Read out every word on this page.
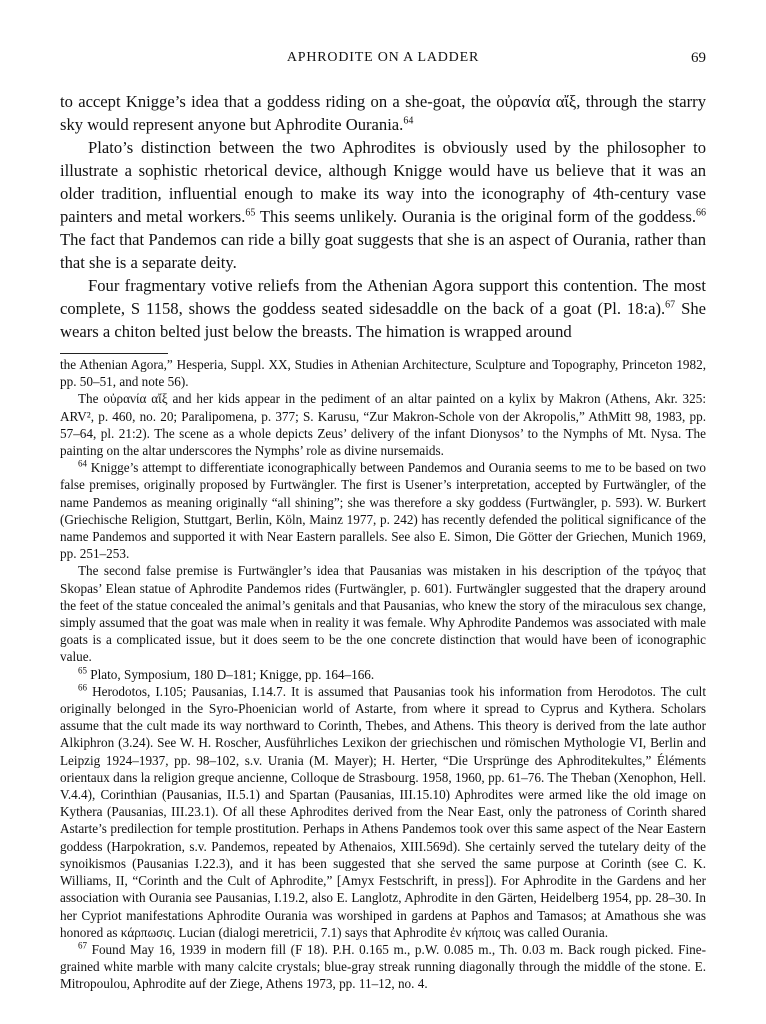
APHRODITE ON A LADDER	69

to accept Knigge’s idea that a goddess riding on a she-goat, the οὐρανία αἴξ, through the starry sky would represent anyone but Aphrodite Ourania.$^{64}$

Plato’s distinction between the two Aphrodites is obviously used by the philosopher to illustrate a sophistic rhetorical device, although Knigge would have us believe that it was an older tradition, influential enough to make its way into the iconography of 4th-century vase painters and metal workers.$^{65}$ This seems unlikely. Ourania is the original form of the goddess.$^{66}$ The fact that Pandemos can ride a billy goat suggests that she is an aspect of Ourania, rather than that she is a separate deity.

Four fragmentary votive reliefs from the Athenian Agora support this contention. The most complete, S 1158, shows the goddess seated sidesaddle on the back of a goat (Pl. 18:a).$^{67}$ She wears a chiton belted just below the breasts. The himation is wrapped around

the Athenian Agora,” Hesperia, Suppl. XX, Studies in Athenian Architecture, Sculpture and Topography, Princeton 1982, pp. 50–51, and note 56).

The οὐρανία αἴξ and her kids appear in the pediment of an altar painted on a kylix by Makron (Athens, Akr. 325: ARV², p. 460, no. 20; Paralipomena, p. 377; S. Karusu, “Zur Makron-Schole von der Akropolis,” AthMitt 98, 1983, pp. 57–64, pl. 21:2). The scene as a whole depicts Zeus’ delivery of the infant Dionysos’ to the Nymphs of Mt. Nysa. The painting on the altar underscores the Nymphs’ role as divine nursemaids.

$^{64}$ Knigge’s attempt to differentiate iconographically between Pandemos and Ourania seems to me to be based on two false premises, originally proposed by Furtwängler. The first is Usener’s interpretation, accepted by Furtwängler, of the name Pandemos as meaning originally “all shining”; she was therefore a sky goddess (Furtwängler, p. 593). W. Burkert (Griechische Religion, Stuttgart, Berlin, Köln, Mainz 1977, p. 242) has recently defended the political significance of the name Pandemos and supported it with Near Eastern parallels. See also E. Simon, Die Götter der Griechen, Munich 1969, pp. 251–253.

The second false premise is Furtwängler’s idea that Pausanias was mistaken in his description of the τράγος that Skopas’ Elean statue of Aphrodite Pandemos rides (Furtwängler, p. 601). Furtwängler suggested that the drapery around the feet of the statue concealed the animal’s genitals and that Pausanias, who knew the story of the miraculous sex change, simply assumed that the goat was male when in reality it was female. Why Aphrodite Pandemos was associated with male goats is a complicated issue, but it does seem to be the one concrete distinction that would have been of iconographic value.

$^{65}$ Plato, Symposium, 180 D–181; Knigge, pp. 164–166.

$^{66}$ Herodotos, I.105; Pausanias, I.14.7. It is assumed that Pausanias took his information from Herodotos. The cult originally belonged in the Syro-Phoenician world of Astarte, from where it spread to Cyprus and Kythera. Scholars assume that the cult made its way northward to Corinth, Thebes, and Athens. This theory is derived from the late author Alkiphron (3.24). See W. H. Roscher, Ausführliches Lexikon der griechischen und römischen Mythologie VI, Berlin and Leipzig 1924–1937, pp. 98–102, s.v. Urania (M. Mayer); H. Herter, “Die Ursprünge des Aphroditekultes,” Éléments orientaux dans la religion greque ancienne, Colloque de Strasbourg. 1958, 1960, pp. 61–76. The Theban (Xenophon, Hell. V.4.4), Corinthian (Pausanias, II.5.1) and Spartan (Pausanias, III.15.10) Aphrodites were armed like the old image on Kythera (Pausanias, III.23.1). Of all these Aphrodites derived from the Near East, only the patroness of Corinth shared Astarte’s predilection for temple prostitution. Perhaps in Athens Pandemos took over this same aspect of the Near Eastern goddess (Harpokration, s.v. Pandemos, repeated by Athenaios, XIII.569d). She certainly served the tutelary deity of the synoikismos (Pausanias I.22.3), and it has been suggested that she served the same purpose at Corinth (see C. K. Williams, II, “Corinth and the Cult of Aphrodite,” [Amyx Festschrift, in press]). For Aphrodite in the Gardens and her association with Ourania see Pausanias, I.19.2, also E. Langlotz, Aphrodite in den Gärten, Heidelberg 1954, pp. 28–30. In her Cypriot manifestations Aphrodite Ourania was worshiped in gardens at Paphos and Tamasos; at Amathous she was honored as κάρπωσις. Lucian (dialogi meretricii, 7.1) says that Aphrodite ἐν κήποις was called Ourania.

$^{67}$ Found May 16, 1939 in modern fill (F 18). P.H. 0.165 m., p.W. 0.085 m., Th. 0.03 m. Back rough picked. Fine-grained white marble with many calcite crystals; blue-gray streak running diagonally through the middle of the stone. E. Mitropoulou, Aphrodite auf der Ziege, Athens 1973, pp. 11–12, no. 4.
